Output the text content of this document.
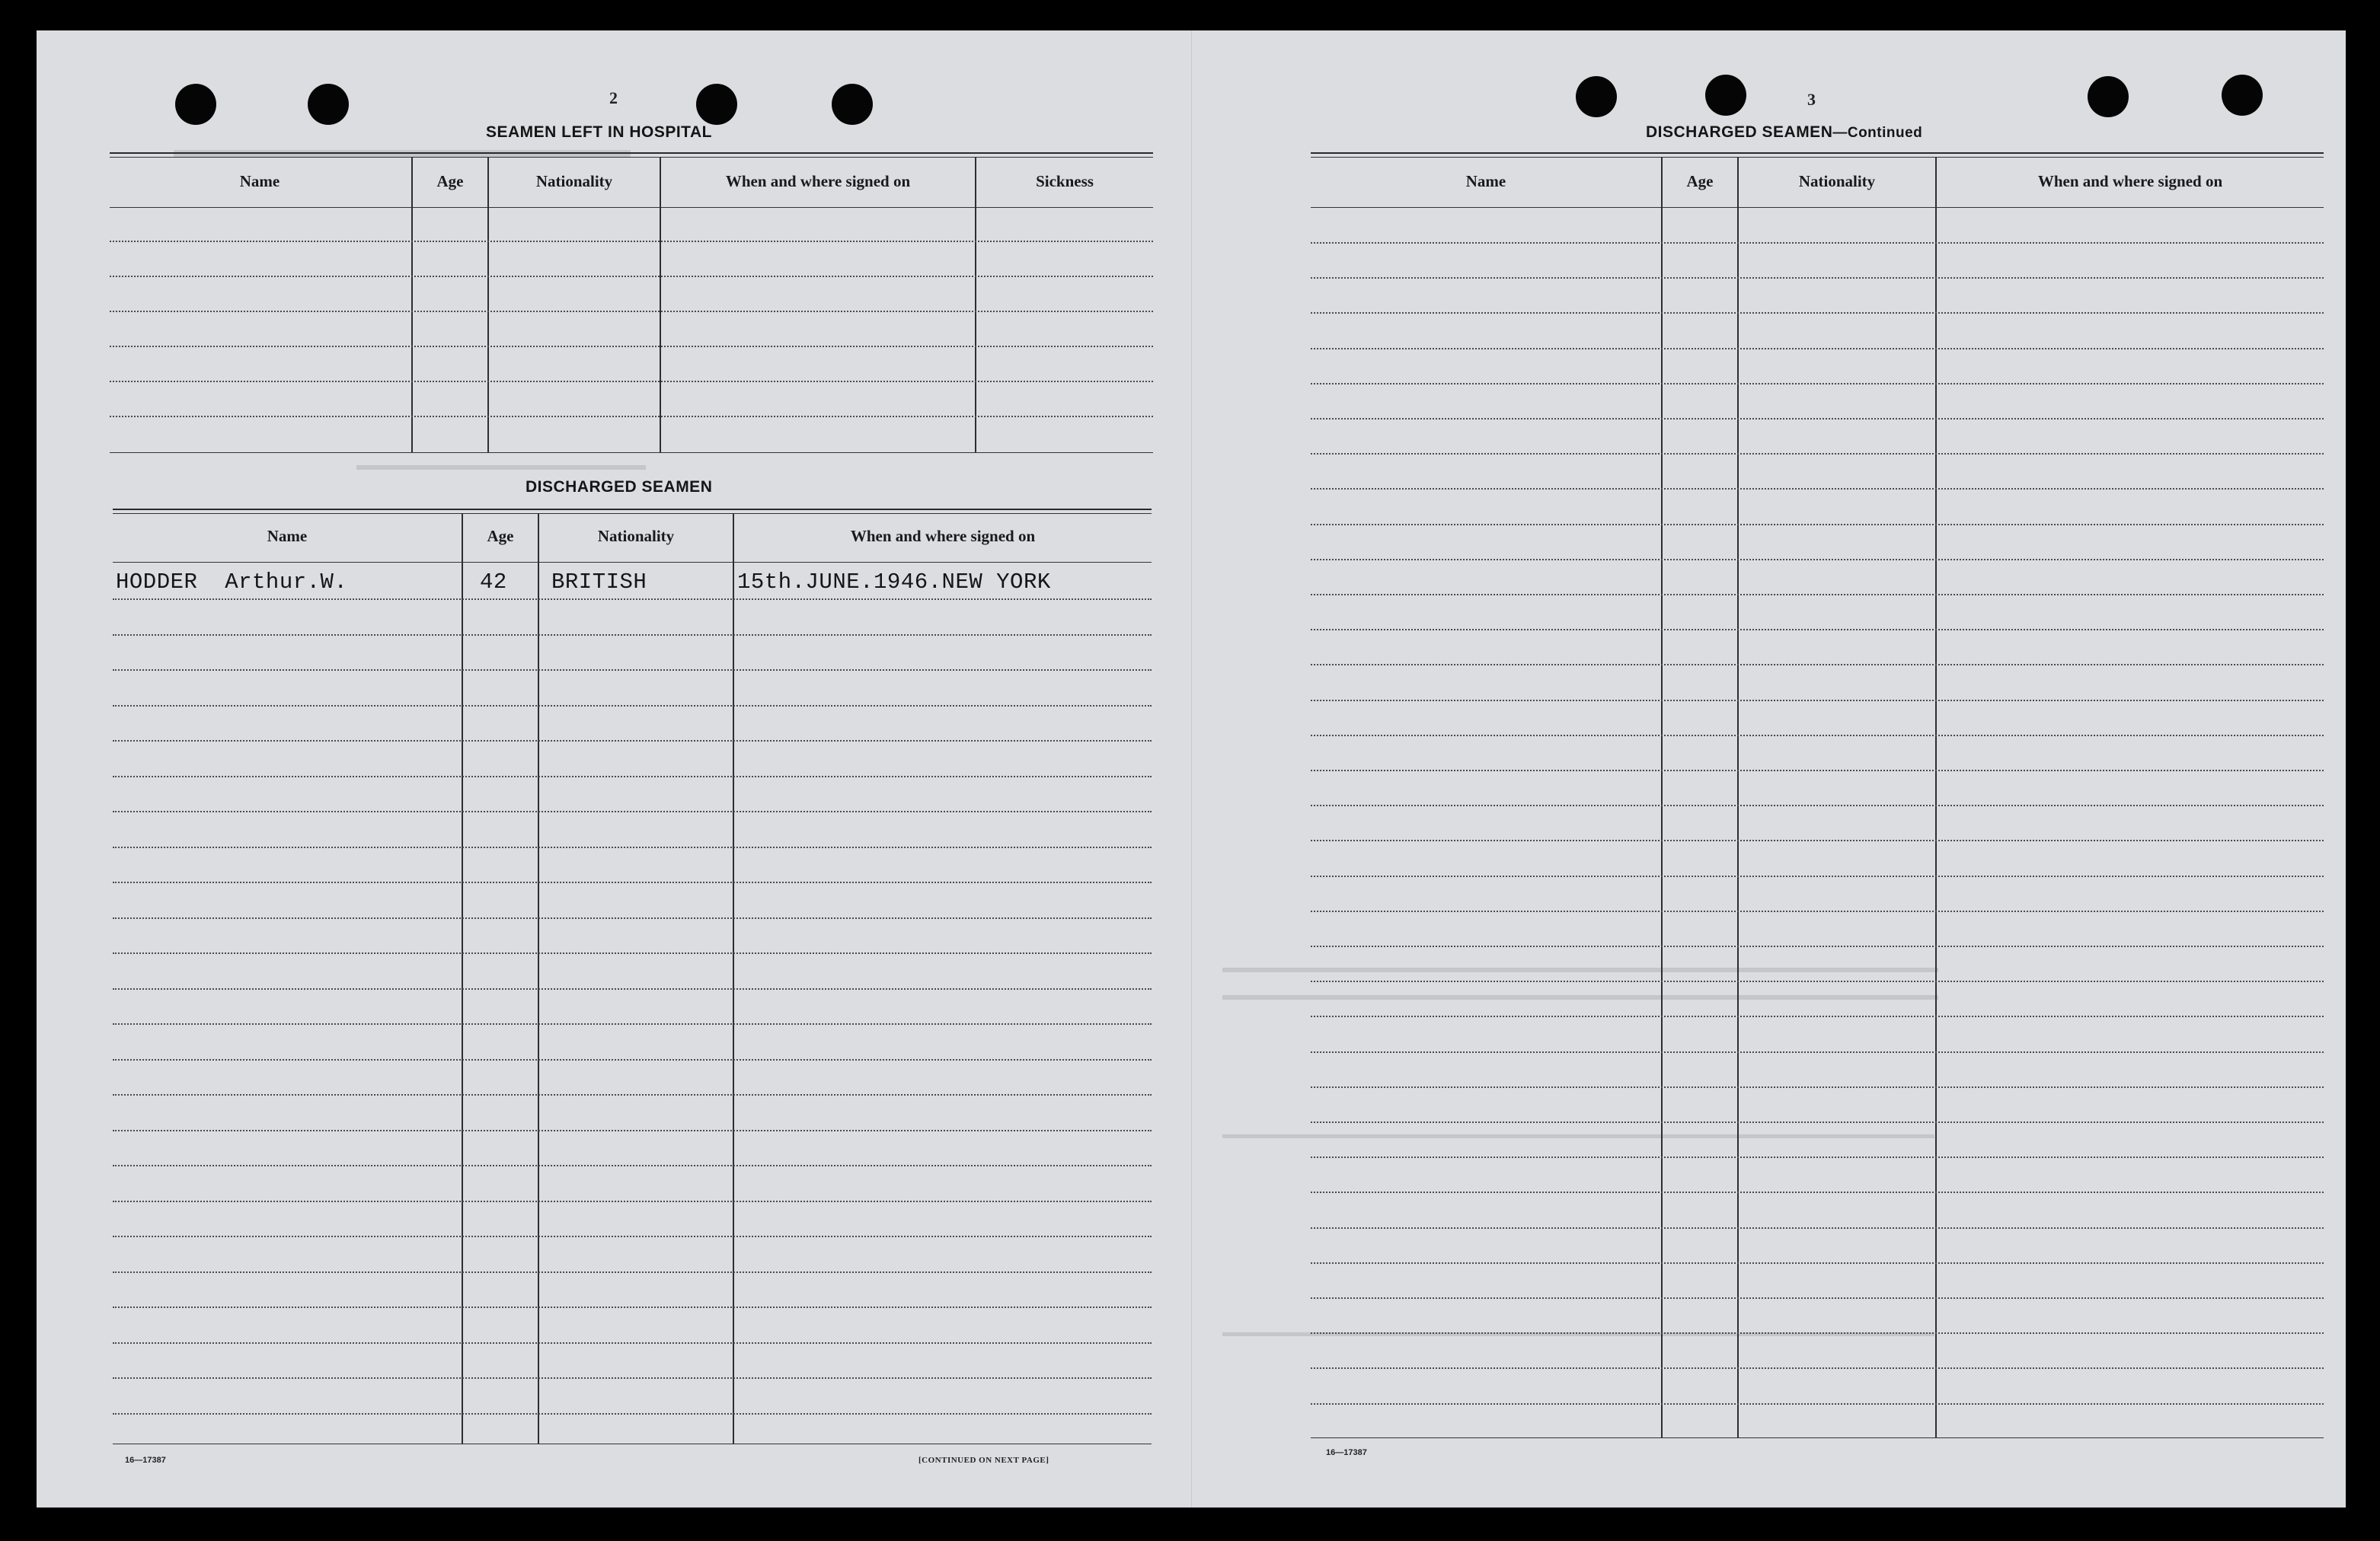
▬▬▬▬▬▬▬▬▬▬▬▬▬▬▬▬▬▬▬▬
▬▬▬▬▬▬▬▬▬▬▬▬▬▬▬▬▬▬▬
2
SEAMEN LEFT IN HOSPITAL
Name	Age	Nationality	When and where signed on	Sickness
DISCHARGED SEAMEN
Name	Age	Nationality	When and where signed on
HODDER  Arthur.W.	42 BRITISH	15th.JUNE.1946.NEW YORK
16—17387	[CONTINUED ON NEXT PAGE]
▬▬▬▬▬▬▬▬▬▬▬▬▬▬▬▬▬▬▬▬▬▬▬▬▬▬▬▬▬▬▬▬▬▬▬▬▬▬▬▬▬▬▬▬▬▬▬
▬▬▬▬▬▬▬▬▬▬▬▬▬▬▬▬▬▬▬▬▬▬▬▬▬▬▬▬▬▬▬▬▬▬▬▬▬▬▬▬▬▬▬▬▬▬▬
▬▬▬▬▬▬▬▬▬▬▬▬▬▬▬▬▬▬▬▬▬▬▬▬▬▬▬▬▬▬▬▬▬▬▬▬▬▬▬▬▬▬▬▬▬▬▬▬▬▬▬▬▬▬▬
▬▬▬▬▬▬▬▬▬▬▬▬▬▬▬▬▬▬▬▬▬▬▬▬▬▬▬▬▬▬▬▬▬▬▬▬▬▬▬▬▬▬▬▬▬▬▬▬▬▬▬▬▬▬▬
3
DISCHARGED SEAMEN—Continued
Name	Age	Nationality	When and where signed on
16—17387
